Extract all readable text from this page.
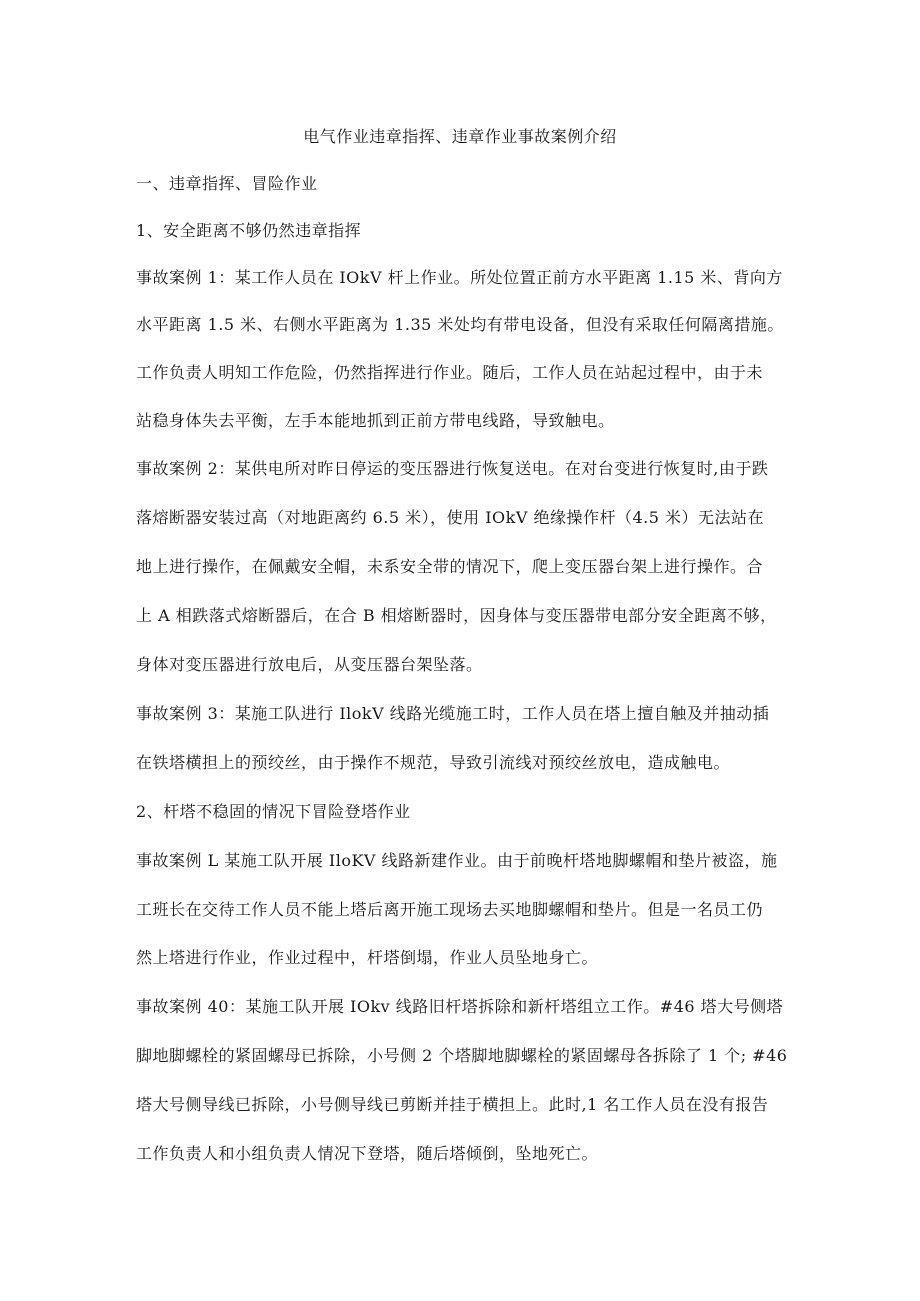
电气作业违章指挥、违章作业事故案例介绍
一、违章指挥、冒险作业
1、安全距离不够仍然违章指挥
事故案例 1：某工作人员在 IOkV 杆上作业。所处位置正前方水平距离 1.15 米、背向方
水平距离 1.5 米、右侧水平距离为 1.35 米处均有带电设备，但没有采取任何隔离措施。
工作负责人明知工作危险，仍然指挥进行作业。随后，工作人员在站起过程中，由于未
站稳身体失去平衡，左手本能地抓到正前方带电线路，导致触电。
事故案例 2：某供电所对昨日停运的变压器进行恢复送电。在对台变进行恢复时,由于跌
落熔断器安装过高（对地距离约 6.5 米），使用 IOkV 绝缘操作杆（4.5 米）无法站在
地上进行操作，在佩戴安全帽，未系安全带的情况下，爬上变压器台架上进行操作。合
上 A 相跌落式熔断器后，在合 B 相熔断器时，因身体与变压器带电部分安全距离不够，
身体对变压器进行放电后，从变压器台架坠落。
事故案例 3：某施工队进行 IlokV 线路光缆施工时，工作人员在塔上擅自触及并抽动插
在铁塔横担上的预绞丝，由于操作不规范，导致引流线对预绞丝放电，造成触电。
2、杆塔不稳固的情况下冒险登塔作业
事故案例 L 某施工队开展 IloKV 线路新建作业。由于前晚杆塔地脚螺帽和垫片被盗，施
工班长在交待工作人员不能上塔后离开施工现场去买地脚螺帽和垫片。但是一名员工仍
然上塔进行作业，作业过程中，杆塔倒塌，作业人员坠地身亡。
事故案例 40：某施工队开展 IOkv 线路旧杆塔拆除和新杆塔组立工作。#46 塔大号侧塔
脚地脚螺栓的紧固螺母已拆除，小号侧 2 个塔脚地脚螺栓的紧固螺母各拆除了 1 个; #46
塔大号侧导线已拆除，小号侧导线已剪断并挂于横担上。此时,1 名工作人员在没有报告
工作负责人和小组负责人情况下登塔，随后塔倾倒，坠地死亡。
